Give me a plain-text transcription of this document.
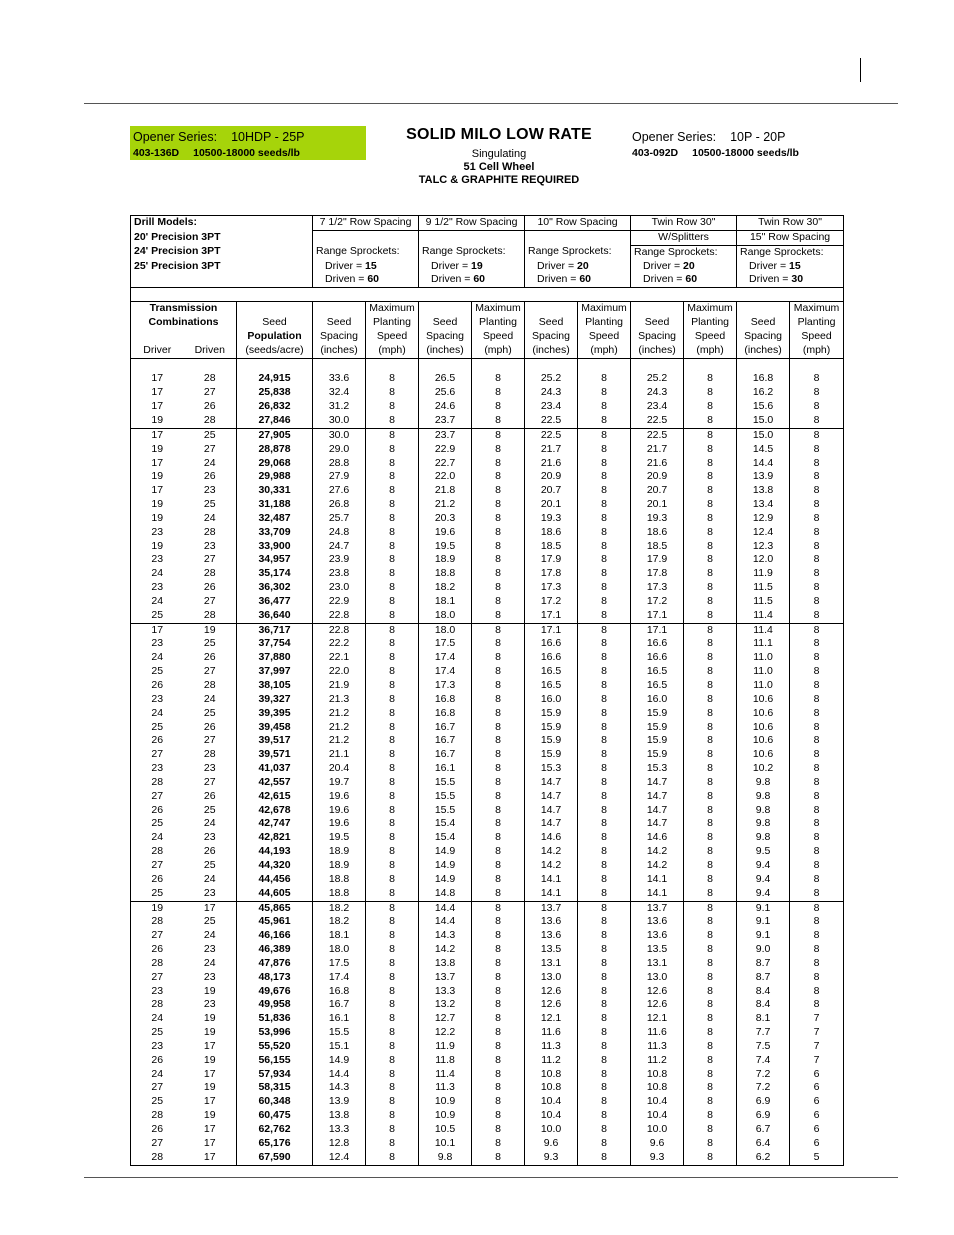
Opener Series: 10HDP - 25P
403-136D 10500-18000 seeds/lb
SOLID MILO LOW RATE
Singulating
51 Cell Wheel
TALC & GRAPHITE REQUIRED
Opener Series: 10P - 20P
403-092D 10500-18000 seeds/lb
Drill Models:			7 1/2" Row Spacing		9 1/2" Row Spacing		10" Row Spacing		Twin Row 30"		Twin Row 30"	
20' Precision 3PT									W/Splitters		15" Row Spacing	
24' Precision 3PT			Range Sprockets:		Range Sprockets:		Range Sprockets:		Range Sprockets:		Range Sprockets:	
25' Precision 3PT			Driver = 15		Driver = 19		Driver = 20		Driver = 20		Driver = 15	
			Driven = 60		Driven = 60		Driven = 60		Driven = 60		Driven = 30	

Transmission				Maximum		Maximum		Maximum		Maximum		Maximum
Combinations		Seed	Seed	Planting	Seed	Planting	Seed	Planting	Seed	Planting	Seed	Planting
		Population	Spacing	Speed	Spacing	Speed	Spacing	Speed	Spacing	Speed	Spacing	Speed
Driver	Driven	(seeds/acre)	(inches)	(mph)	(inches)	(mph)	(inches)	(mph)	(inches)	(mph)	(inches)	(mph)

17	28	24,915	33.6	8	26.5	8	25.2	8	25.2	8	16.8	8
17	27	25,838	32.4	8	25.6	8	24.3	8	24.3	8	16.2	8
17	26	26,832	31.2	8	24.6	8	23.4	8	23.4	8	15.6	8
19	28	27,846	30.0	8	23.7	8	22.5	8	22.5	8	15.0	8
17	25	27,905	30.0	8	23.7	8	22.5	8	22.5	8	15.0	8
19	27	28,878	29.0	8	22.9	8	21.7	8	21.7	8	14.5	8
17	24	29,068	28.8	8	22.7	8	21.6	8	21.6	8	14.4	8
19	26	29,988	27.9	8	22.0	8	20.9	8	20.9	8	13.9	8
17	23	30,331	27.6	8	21.8	8	20.7	8	20.7	8	13.8	8
19	25	31,188	26.8	8	21.2	8	20.1	8	20.1	8	13.4	8
19	24	32,487	25.7	8	20.3	8	19.3	8	19.3	8	12.9	8
23	28	33,709	24.8	8	19.6	8	18.6	8	18.6	8	12.4	8
19	23	33,900	24.7	8	19.5	8	18.5	8	18.5	8	12.3	8
23	27	34,957	23.9	8	18.9	8	17.9	8	17.9	8	12.0	8
24	28	35,174	23.8	8	18.8	8	17.8	8	17.8	8	11.9	8
23	26	36,302	23.0	8	18.2	8	17.3	8	17.3	8	11.5	8
24	27	36,477	22.9	8	18.1	8	17.2	8	17.2	8	11.5	8
25	28	36,640	22.8	8	18.0	8	17.1	8	17.1	8	11.4	8
17	19	36,717	22.8	8	18.0	8	17.1	8	17.1	8	11.4	8
23	25	37,754	22.2	8	17.5	8	16.6	8	16.6	8	11.1	8
24	26	37,880	22.1	8	17.4	8	16.6	8	16.6	8	11.0	8
25	27	37,997	22.0	8	17.4	8	16.5	8	16.5	8	11.0	8
26	28	38,105	21.9	8	17.3	8	16.5	8	16.5	8	11.0	8
23	24	39,327	21.3	8	16.8	8	16.0	8	16.0	8	10.6	8
24	25	39,395	21.2	8	16.8	8	15.9	8	15.9	8	10.6	8
25	26	39,458	21.2	8	16.7	8	15.9	8	15.9	8	10.6	8
26	27	39,517	21.2	8	16.7	8	15.9	8	15.9	8	10.6	8
27	28	39,571	21.1	8	16.7	8	15.9	8	15.9	8	10.6	8
23	23	41,037	20.4	8	16.1	8	15.3	8	15.3	8	10.2	8
28	27	42,557	19.7	8	15.5	8	14.7	8	14.7	8	9.8	8
27	26	42,615	19.6	8	15.5	8	14.7	8	14.7	8	9.8	8
26	25	42,678	19.6	8	15.5	8	14.7	8	14.7	8	9.8	8
25	24	42,747	19.6	8	15.4	8	14.7	8	14.7	8	9.8	8
24	23	42,821	19.5	8	15.4	8	14.6	8	14.6	8	9.8	8
28	26	44,193	18.9	8	14.9	8	14.2	8	14.2	8	9.5	8
27	25	44,320	18.9	8	14.9	8	14.2	8	14.2	8	9.4	8
26	24	44,456	18.8	8	14.9	8	14.1	8	14.1	8	9.4	8
25	23	44,605	18.8	8	14.8	8	14.1	8	14.1	8	9.4	8
19	17	45,865	18.2	8	14.4	8	13.7	8	13.7	8	9.1	8
28	25	45,961	18.2	8	14.4	8	13.6	8	13.6	8	9.1	8
27	24	46,166	18.1	8	14.3	8	13.6	8	13.6	8	9.1	8
26	23	46,389	18.0	8	14.2	8	13.5	8	13.5	8	9.0	8
28	24	47,876	17.5	8	13.8	8	13.1	8	13.1	8	8.7	8
27	23	48,173	17.4	8	13.7	8	13.0	8	13.0	8	8.7	8
23	19	49,676	16.8	8	13.3	8	12.6	8	12.6	8	8.4	8
28	23	49,958	16.7	8	13.2	8	12.6	8	12.6	8	8.4	8
24	19	51,836	16.1	8	12.7	8	12.1	8	12.1	8	8.1	7
25	19	53,996	15.5	8	12.2	8	11.6	8	11.6	8	7.7	7
23	17	55,520	15.1	8	11.9	8	11.3	8	11.3	8	7.5	7
26	19	56,155	14.9	8	11.8	8	11.2	8	11.2	8	7.4	7
24	17	57,934	14.4	8	11.4	8	10.8	8	10.8	8	7.2	6
27	19	58,315	14.3	8	11.3	8	10.8	8	10.8	8	7.2	6
25	17	60,348	13.9	8	10.9	8	10.4	8	10.4	8	6.9	6
28	19	60,475	13.8	8	10.9	8	10.4	8	10.4	8	6.9	6
26	17	62,762	13.3	8	10.5	8	10.0	8	10.0	8	6.7	6
27	17	65,176	12.8	8	10.1	8	9.6	8	9.6	8	6.4	6
28	17	67,590	12.4	8	9.8	8	9.3	8	9.3	8	6.2	5
